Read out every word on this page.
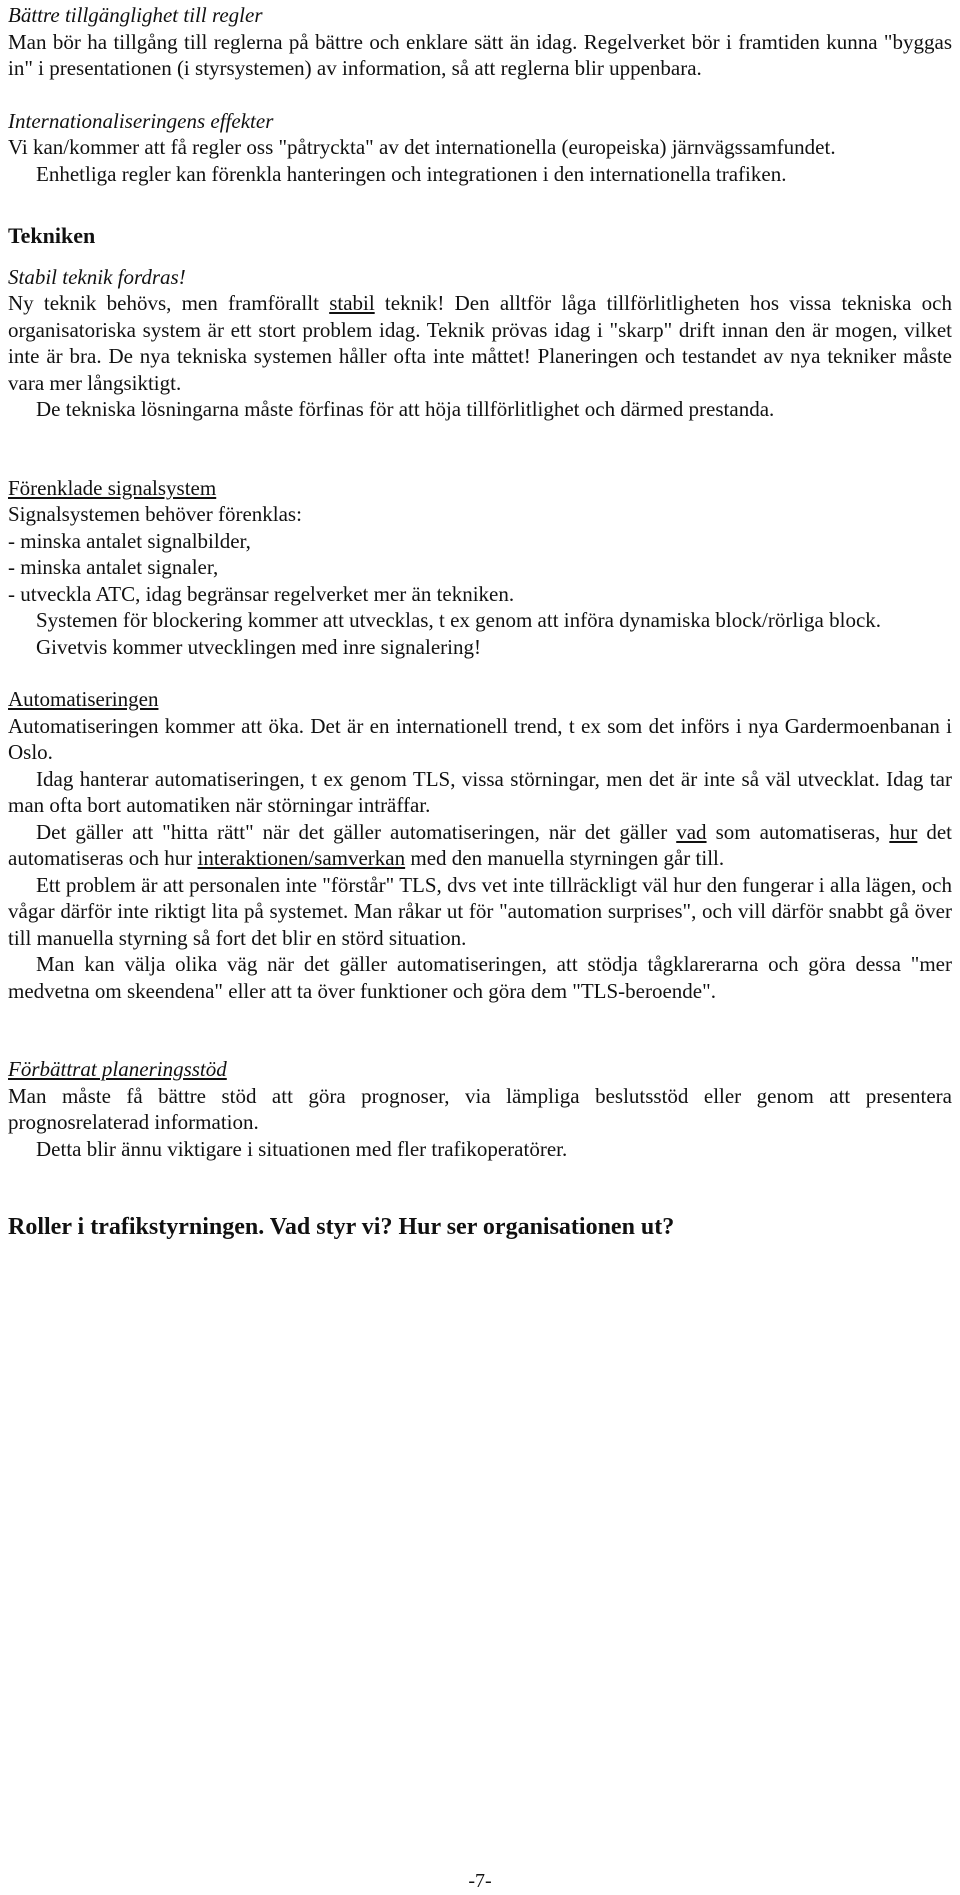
Bättre tillgänglighet till regler

Man bör ha tillgång till reglerna på bättre och enklare sätt än idag. Regelverket bör i framtiden kunna "byggas in" i presentationen (i styrsystemen) av information, så att reglerna blir uppenbara.

Internationaliseringens effekter

Vi kan/kommer att få regler oss "påtryckta" av det internationella (europeiska) järnvägssamfundet.

Enhetliga regler kan förenkla hanteringen och integrationen i den internationella trafiken.

Tekniken

Stabil teknik fordras!

Ny teknik behövs, men framförallt stabil teknik! Den alltför låga tillförlitligheten hos vissa tekniska och organisatoriska system är ett stort problem idag. Teknik prövas idag i "skarp" drift innan den är mogen, vilket inte är bra. De nya tekniska systemen håller ofta inte måttet! Planeringen och testandet av nya tekniker måste vara mer långsiktigt.

De tekniska lösningarna måste förfinas för att höja tillförlitlighet och därmed prestanda.

Förenklade signalsystem

Signalsystemen behöver förenklas:

- minska antalet signalbilder,

- minska antalet signaler,

- utveckla ATC, idag begränsar regelverket mer än tekniken.

Systemen för blockering kommer att utvecklas, t ex genom att införa dynamiska block/rörliga block.

Givetvis kommer utvecklingen med inre signalering!

Automatiseringen

Automatiseringen kommer att öka. Det är en internationell trend, t ex som det införs i nya Gardermoenbanan i Oslo.

Idag hanterar automatiseringen, t ex genom TLS, vissa störningar, men det är inte så väl utvecklat. Idag tar man ofta bort automatiken när störningar inträffar.

Det gäller att "hitta rätt" när det gäller automatiseringen, när det gäller vad som automatiseras, hur det automatiseras och hur interaktionen/samverkan med den manuella styrningen går till.

Ett problem är att personalen inte "förstår" TLS, dvs vet inte tillräckligt väl hur den fungerar i alla lägen, och vågar därför inte riktigt lita på systemet. Man råkar ut för "automation surprises", och vill därför snabbt gå över till manuella styrning så fort det blir en störd situation.

Man kan välja olika väg när det gäller automatiseringen, att stödja tågklarerarna och göra dessa "mer medvetna om skeendena" eller att ta över funktioner och göra dem "TLS-beroende".

Förbättrat planeringsstöd

Man måste få bättre stöd att göra prognoser, via lämpliga beslutsstöd eller genom att presentera prognosrelaterad information.

Detta blir ännu viktigare i situationen med fler trafikoperatörer.

Roller i trafikstyrningen. Vad styr vi? Hur ser organisationen ut?

-7-
